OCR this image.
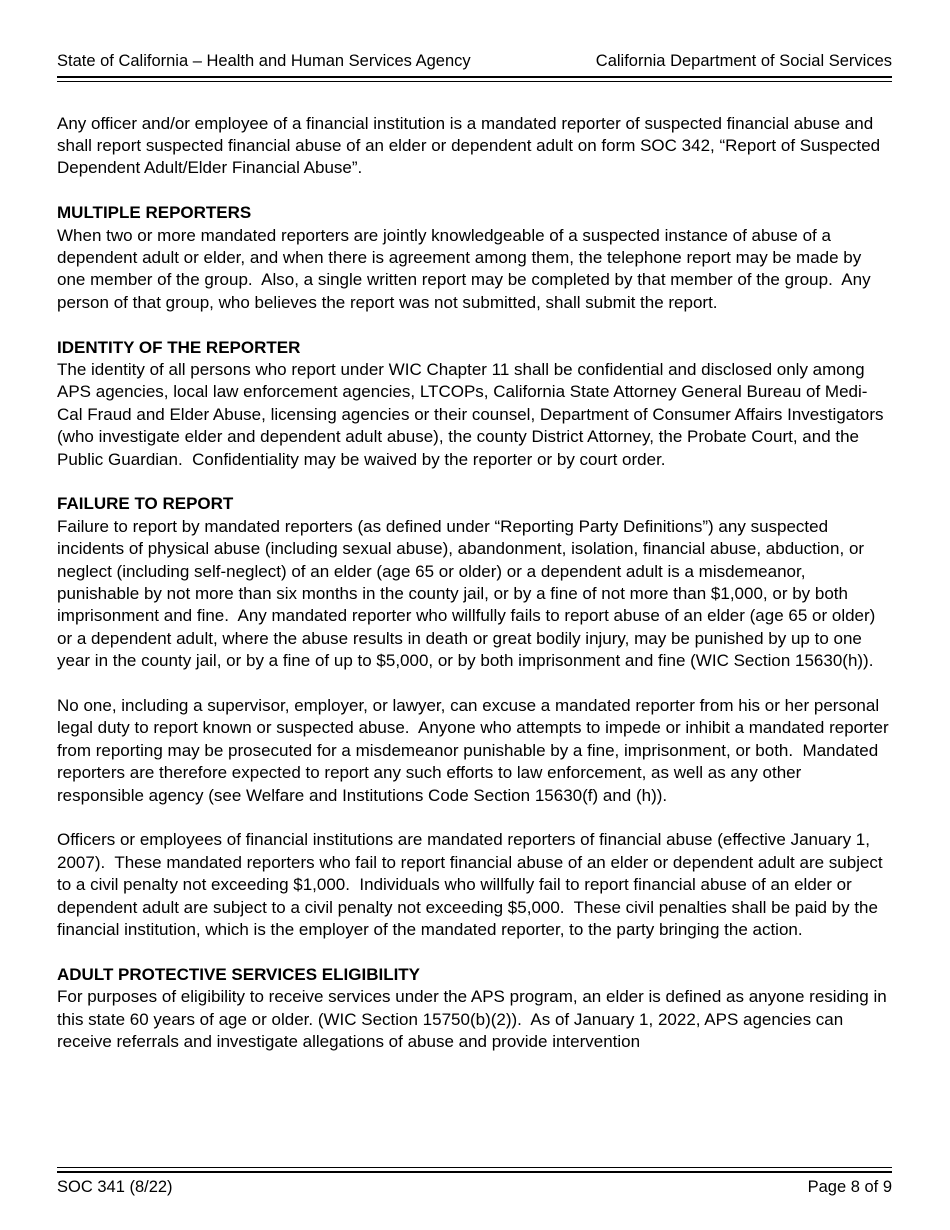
State of California – Health and Human Services Agency	California Department of Social Services

Any officer and/or employee of a financial institution is a mandated reporter of suspected financial abuse and shall report suspected financial abuse of an elder or dependent adult on form SOC 342, “Report of Suspected Dependent Adult/Elder Financial Abuse”.

MULTIPLE REPORTERS

When two or more mandated reporters are jointly knowledgeable of a suspected instance of abuse of a dependent adult or elder, and when there is agreement among them, the telephone report may be made by one member of the group.  Also, a single written report may be completed by that member of the group.  Any person of that group, who believes the report was not submitted, shall submit the report.

IDENTITY OF THE REPORTER

The identity of all persons who report under WIC Chapter 11 shall be confidential and disclosed only among APS agencies, local law enforcement agencies, LTCOPs, California State Attorney General Bureau of Medi-Cal Fraud and Elder Abuse, licensing agencies or their counsel, Department of Consumer Affairs Investigators (who investigate elder and dependent adult abuse), the county District Attorney, the Probate Court, and the Public Guardian.  Confidentiality may be waived by the reporter or by court order.

FAILURE TO REPORT

Failure to report by mandated reporters (as defined under “Reporting Party Definitions”) any suspected incidents of physical abuse (including sexual abuse), abandonment, isolation, financial abuse, abduction, or neglect (including self-neglect) of an elder (age 65 or older) or a dependent adult is a misdemeanor, punishable by not more than six months in the county jail, or by a fine of not more than $1,000, or by both imprisonment and fine.  Any mandated reporter who willfully fails to report abuse of an elder (age 65 or older) or a dependent adult, where the abuse results in death or great bodily injury, may be punished by up to one year in the county jail, or by a fine of up to $5,000, or by both imprisonment and fine (WIC Section 15630(h)).

No one, including a supervisor, employer, or lawyer, can excuse a mandated reporter from his or her personal legal duty to report known or suspected abuse.  Anyone who attempts to impede or inhibit a mandated reporter from reporting may be prosecuted for a misdemeanor punishable by a fine, imprisonment, or both.  Mandated reporters are therefore expected to report any such efforts to law enforcement, as well as any other responsible agency (see Welfare and Institutions Code Section 15630(f) and (h)).

Officers or employees of financial institutions are mandated reporters of financial abuse (effective January 1, 2007).  These mandated reporters who fail to report financial abuse of an elder or dependent adult are subject to a civil penalty not exceeding $1,000.  Individuals who willfully fail to report financial abuse of an elder or dependent adult are subject to a civil penalty not exceeding $5,000.  These civil penalties shall be paid by the financial institution, which is the employer of the mandated reporter, to the party bringing the action.

ADULT PROTECTIVE SERVICES ELIGIBILITY

For purposes of eligibility to receive services under the APS program, an elder is defined as anyone residing in this state 60 years of age or older. (WIC Section 15750(b)(2)).  As of January 1, 2022, APS agencies can receive referrals and investigate allegations of abuse and provide intervention

SOC 341 (8/22)	Page 8 of 9
